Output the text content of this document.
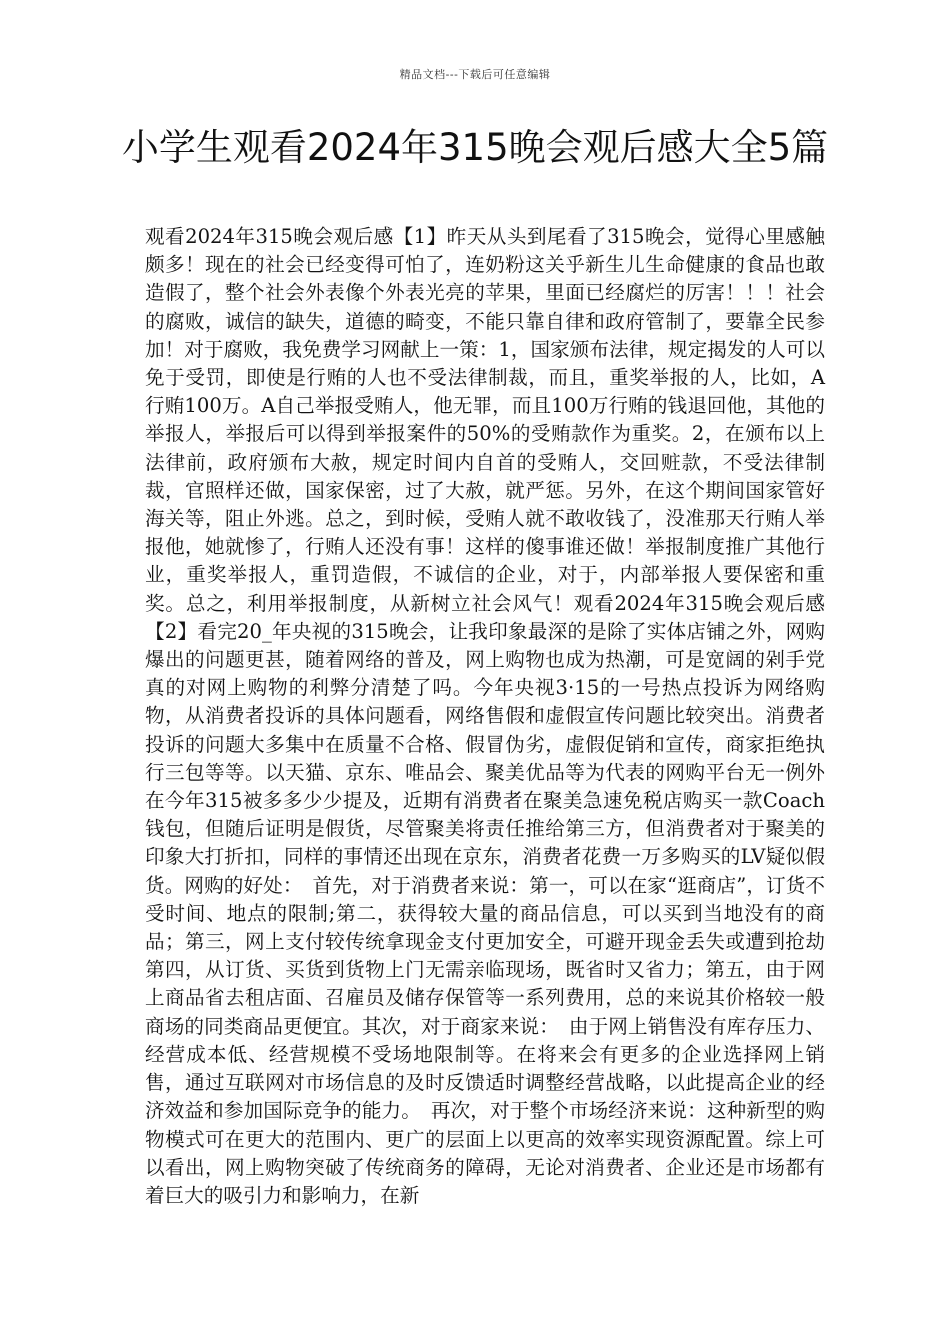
精品文档---下载后可任意编辑
小学生观看2024年315晚会观后感大全5篇

观看2024年315晚会观后感【1】昨天从头到尾看了315晚会，觉得心里感触颇多！现在的社会已经变得可怕了，连奶粉这关乎新生儿生命健康的食品也敢造假了，整个社会外表像个外表光亮的苹果，里面已经腐烂的厉害！！！社会的腐败，诚信的缺失，道德的畸变，不能只靠自律和政府管制了，要靠全民参加！对于腐败，我免费学习网献上一策：1，国家颁布法律，规定揭发的人可以免于受罚，即使是行贿的人也不受法律制裁，而且，重奖举报的人，比如，A行贿100万。A自己举报受贿人，他无罪，而且100万行贿的钱退回他，其他的举报人，举报后可以得到举报案件的50%的受贿款作为重奖。2，在颁布以上法律前，政府颁布大赦，规定时间内自首的受贿人，交回赃款，不受法律制裁，官照样还做，国家保密，过了大赦，就严惩。另外，在这个期间国家管好海关等，阻止外逃。总之，到时候，受贿人就不敢收钱了，没准那天行贿人举报他，她就惨了，行贿人还没有事！这样的傻事谁还做！举报制度推广其他行业，重奖举报人，重罚造假，不诚信的企业，对于，内部举报人要保密和重奖。总之，利用举报制度，从新树立社会风气！观看2024年315晚会观后感【2】看完20_年央视的315晚会，让我印象最深的是除了实体店铺之外，网购爆出的问题更甚，随着网络的普及，网上购物也成为热潮，可是宽阔的剁手党真的对网上购物的利弊分清楚了吗。今年央视3·15的一号热点投诉为网络购物，从消费者投诉的具体问题看，网络售假和虚假宣传问题比较突出。消费者投诉的问题大多集中在质量不合格、假冒伪劣，虚假促销和宣传，商家拒绝执行三包等等。以天猫、京东、唯品会、聚美优品等为代表的网购平台无一例外在今年315被多多少少提及，近期有消费者在聚美急速免税店购买一款Coach钱包，但随后证明是假货，尽管聚美将责任推给第三方，但消费者对于聚美的印象大打折扣，同样的事情还出现在京东，消费者花费一万多购买的LV疑似假货。网购的好处：　首先，对于消费者来说：第一，可以在家“逛商店”，订货不受时间、地点的限制;第二，获得较大量的商品信息，可以买到当地没有的商品；第三，网上支付较传统拿现金支付更加安全，可避开现金丢失或遭到抢劫第四，从订货、买货到货物上门无需亲临现场，既省时又省力；第五，由于网上商品省去租店面、召雇员及储存保管等一系列费用，总的来说其价格较一般商场的同类商品更便宜。其次，对于商家来说：　由于网上销售没有库存压力、经营成本低、经营规模不受场地限制等。在将来会有更多的企业选择网上销售，通过互联网对市场信息的及时反馈适时调整经营战略，以此提高企业的经济效益和参加国际竞争的能力。　再次，对于整个市场经济来说：这种新型的购物模式可在更大的范围内、更广的层面上以更高的效率实现资源配置。综上可以看出，网上购物突破了传统商务的障碍，无论对消费者、企业还是市场都有着巨大的吸引力和影响力，在新
